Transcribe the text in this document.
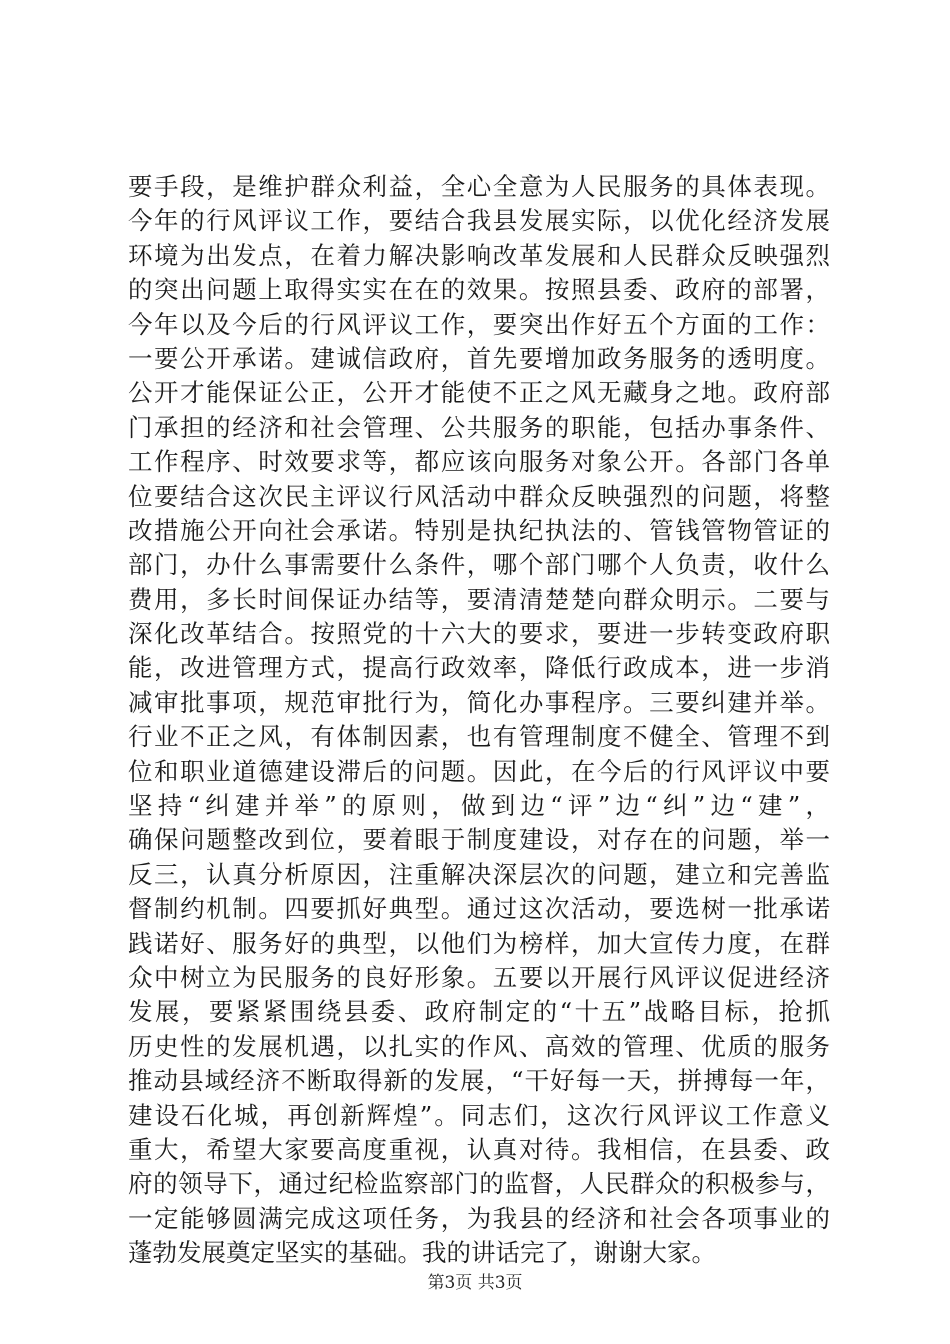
要手段，是维护群众利益，全心全意为人民服务的具体表现。
今年的行风评议工作，要结合我县发展实际，以优化经济发展
环境为出发点，在着力解决影响改革发展和人民群众反映强烈
的突出问题上取得实实在在的效果。按照县委、政府的部署，
今年以及今后的行风评议工作，要突出作好五个方面的工作：
一要公开承诺。建诚信政府，首先要增加政务服务的透明度。
公开才能保证公正，公开才能使不正之风无藏身之地。政府部
门承担的经济和社会管理、公共服务的职能，包括办事条件、
工作程序、时效要求等，都应该向服务对象公开。各部门各单
位要结合这次民主评议行风活动中群众反映强烈的问题，将整
改措施公开向社会承诺。特别是执纪执法的、管钱管物管证的
部门，办什么事需要什么条件，哪个部门哪个人负责，收什么
费用，多长时间保证办结等，要清清楚楚向群众明示。二要与
深化改革结合。按照党的十六大的要求，要进一步转变政府职
能，改进管理方式，提高行政效率，降低行政成本，进一步消
减审批事项，规范审批行为，简化办事程序。三要纠建并举。
行业不正之风，有体制因素，也有管理制度不健全、管理不到
位和职业道德建设滞后的问题。因此，在今后的行风评议中要
坚持“纠建并举”的原则，做到边“评”边“纠”边“建”，
确保问题整改到位，要着眼于制度建设，对存在的问题，举一
反三，认真分析原因，注重解决深层次的问题，建立和完善监
督制约机制。四要抓好典型。通过这次活动，要选树一批承诺
践诺好、服务好的典型，以他们为榜样，加大宣传力度，在群
众中树立为民服务的良好形象。五要以开展行风评议促进经济
发展，要紧紧围绕县委、政府制定的“十五”战略目标，抢抓
历史性的发展机遇，以扎实的作风、高效的管理、优质的服务
推动县域经济不断取得新的发展，“干好每一天，拼搏每一年，
建设石化城，再创新辉煌”。同志们，这次行风评议工作意义
重大，希望大家要高度重视，认真对待。我相信，在县委、政
府的领导下，通过纪检监察部门的监督，人民群众的积极参与，
一定能够圆满完成这项任务，为我县的经济和社会各项事业的
蓬勃发展奠定坚实的基础。我的讲话完了，谢谢大家。
第3页 共3页
